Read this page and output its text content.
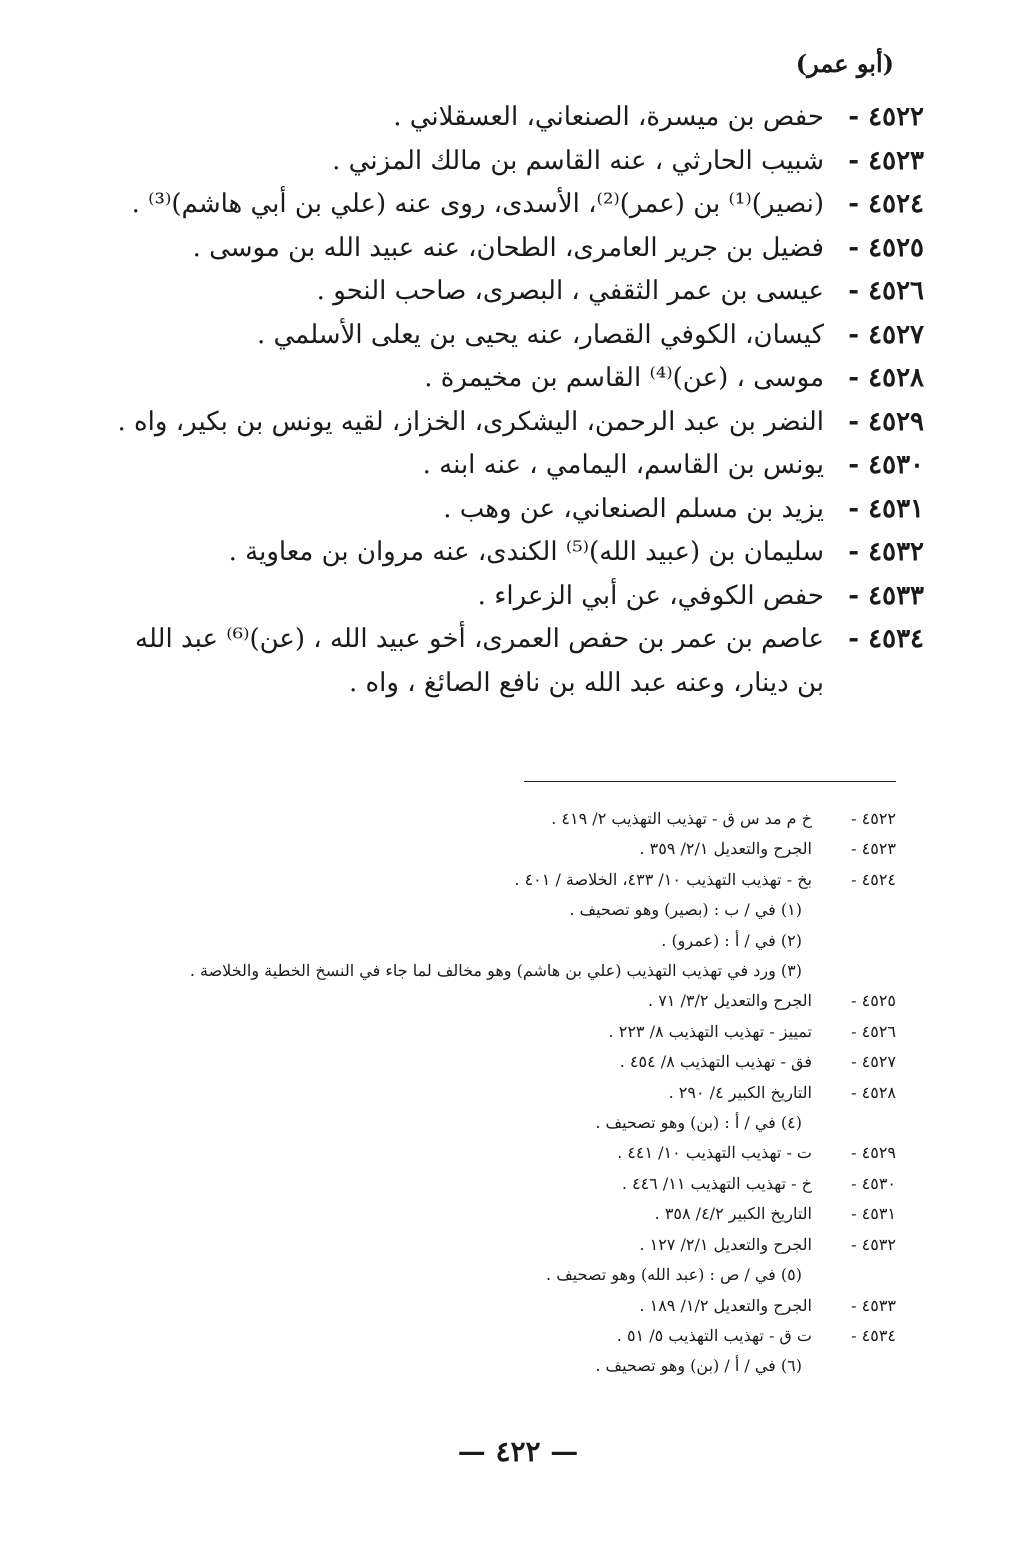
(أبو عمر)
٤٥٢٢ -
حفص بن ميسرة، الصنعاني، العسقلاني .
٤٥٢٣ -
شبيب الحارثي ، عنه القاسم بن مالك المزني .
٤٥٢٤ -
(نصير)⁽¹⁾ بن (عمر)⁽²⁾، الأسدى، روى عنه (علي بن أبي هاشم)⁽³⁾ .
٤٥٢٥ -
فضيل بن جرير العامرى، الطحان، عنه عبيد الله بن موسى .
٤٥٢٦ -
عيسى بن عمر الثقفي ، البصرى، صاحب النحو .
٤٥٢٧ -
كيسان، الكوفي القصار، عنه يحيى بن يعلى الأسلمي .
٤٥٢٨ -
موسى ، (عن)⁽⁴⁾ القاسم بن مخيمرة .
٤٥٢٩ -
النضر بن عبد الرحمن، اليشكرى، الخزاز، لقيه يونس بن بكير، واه .
٤٥٣٠ -
يونس بن القاسم، اليمامي ، عنه ابنه .
٤٥٣١ -
يزيد بن مسلم الصنعاني، عن وهب .
٤٥٣٢ -
سليمان بن (عبيد الله)⁽⁵⁾ الكندى، عنه مروان بن معاوية .
٤٥٣٣ -
حفص الكوفي، عن أبي الزعراء .
٤٥٣٤ -
عاصم بن عمر بن حفص العمرى، أخو عبيد الله ، (عن)⁽⁶⁾ عبد الله بن دينار، وعنه عبد الله بن نافع الصائغ ، واه .
٤٥٢٢ -
خ م مد س ق - تهذيب التهذيب ٢/ ٤١٩ .
٤٥٢٣ -
الجرح والتعديل ٢/١/ ٣٥٩ .
٤٥٢٤ -
بخ - تهذيب التهذيب ١٠/ ٤٣٣، الخلاصة / ٤٠١ .
(١) في / ب : (بصير) وهو تصحيف .
(٢) في / أ : (عمرو) .
(٣) ورد في تهذيب التهذيب (علي بن هاشم) وهو مخالف لما جاء في النسخ الخطية والخلاصة .
٤٥٢٥ -
الجرح والتعديل ٣/٢/ ٧١ .
٤٥٢٦ -
تمييز - تهذيب التهذيب ٨/ ٢٢٣ .
٤٥٢٧ -
فق - تهذيب التهذيب ٨/ ٤٥٤ .
٤٥٢٨ -
التاريخ الكبير ٤/ ٢٩٠ .
(٤) في / أ : (بن) وهو تصحيف .
٤٥٢٩ -
ت - تهذيب التهذيب ١٠/ ٤٤١ .
٤٥٣٠ -
خ - تهذيب التهذيب ١١/ ٤٤٦ .
٤٥٣١ -
التاريخ الكبير ٤/٢/ ٣٥٨ .
٤٥٣٢ -
الجرح والتعديل ٢/١/ ١٢٧ .
(٥) في / ص : (عبد الله) وهو تصحيف .
٤٥٣٣ -
الجرح والتعديل ١/٢/ ١٨٩ .
٤٥٣٤ -
ت ق - تهذيب التهذيب ٥/ ٥١ .
(٦) في / أ / (بن) وهو تصحيف .
— ٤٢٢ —
